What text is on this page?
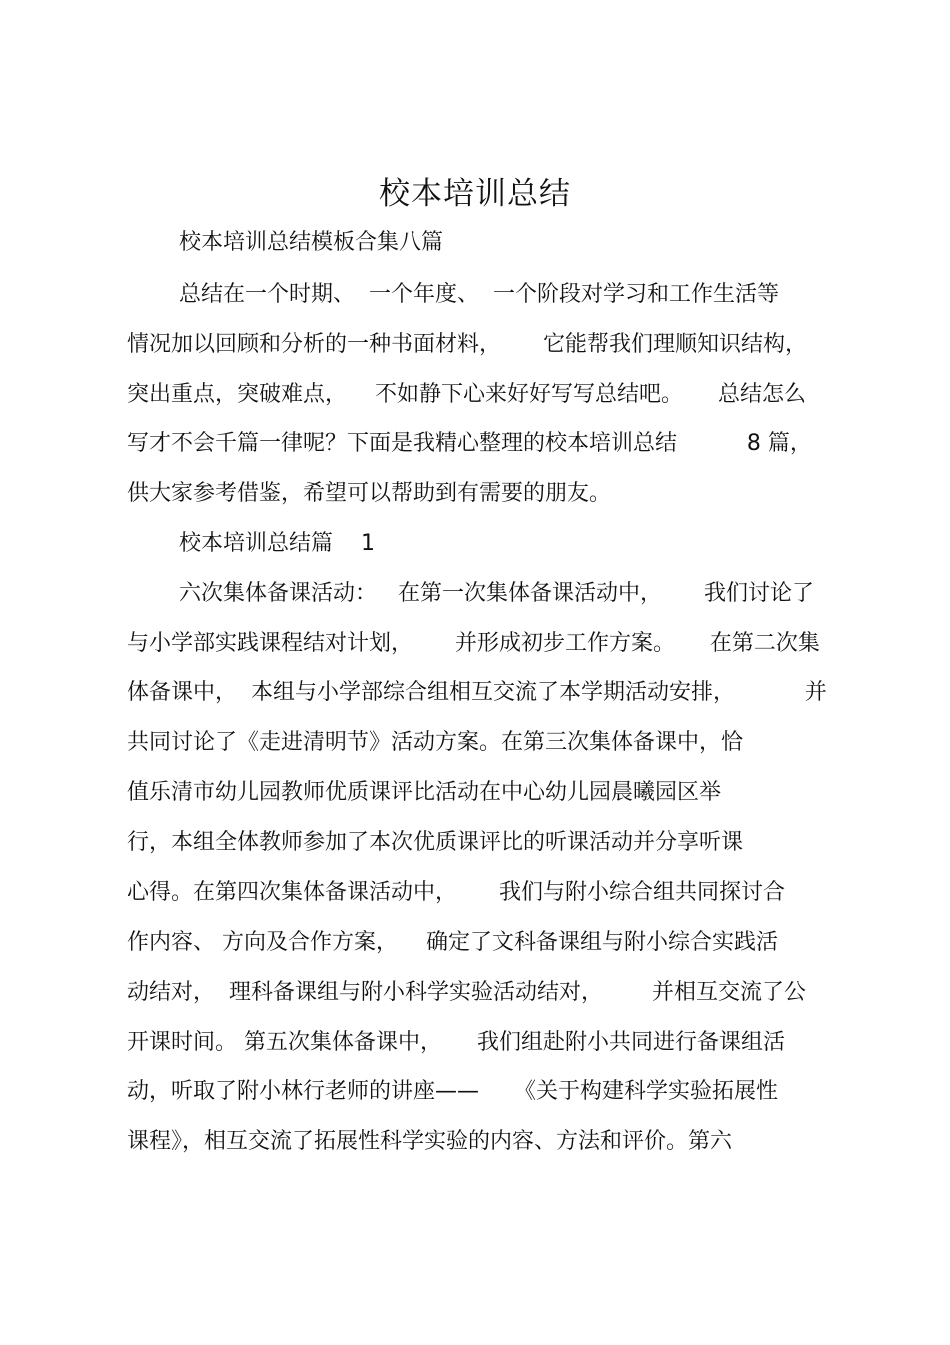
校本培训总结
校本培训总结模板合集八篇
总结在一个时期、  一个年度、  一个阶段对学习和工作生活等
情况加以回顾和分析的一种书面材料，      它能帮我们理顺知识结构，
突出重点，突破难点，    不如静下心来好好写写总结吧。     总结怎么
写才不会千篇一律呢？下面是我精心整理的校本培训总结          8 篇，
供大家参考借鉴，希望可以帮助到有需要的朋友。
校本培训总结篇    1
六次集体备课活动：   在第一次集体备课活动中，      我们讨论了
与小学部实践课程结对计划，      并形成初步工作方案。     在第二次集
体备课中，  本组与小学部综合组相互交流了本学期活动安排，          并
共同讨论了《走进清明节》活动方案。在第三次集体备课中，恰
值乐清市幼儿园教师优质课评比活动在中心幼儿园晨曦园区举
行，本组全体教师参加了本次优质课评比的听课活动并分享听课
心得。在第四次集体备课活动中，      我们与附小综合组共同探讨合
作内容、 方向及合作方案，    确定了文科备课组与附小综合实践活
动结对，  理科备课组与附小科学实验活动结对，       并相互交流了公
开课时间。 第五次集体备课中，     我们组赴附小共同进行备课组活
动，听取了附小林行老师的讲座——     《关于构建科学实验拓展性
课程》，相互交流了拓展性科学实验的内容、方法和评价。第六
